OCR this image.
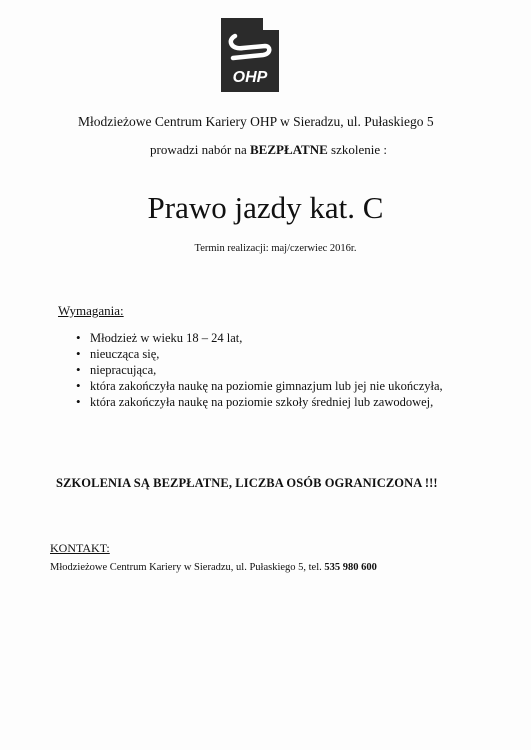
OHP
Młodzieżowe Centrum Kariery OHP w Sieradzu, ul. Pułaskiego 5
prowadzi nabór na BEZPŁATNE szkolenie :
Prawo jazdy kat. C
Termin realizacji: maj/czerwiec 2016r.
Wymagania:
• Młodzież w wieku 18 – 24 lat,
• nieucząca się,
• niepracująca,
• która zakończyła naukę na poziomie gimnazjum lub jej nie ukończyła,
• która zakończyła naukę na poziomie szkoły średniej lub zawodowej,
SZKOLENIA SĄ BEZPŁATNE, LICZBA OSÓB OGRANICZONA !!!
KONTAKT:
Młodzieżowe Centrum Kariery w Sieradzu, ul. Pułaskiego 5, tel. 535 980 600
